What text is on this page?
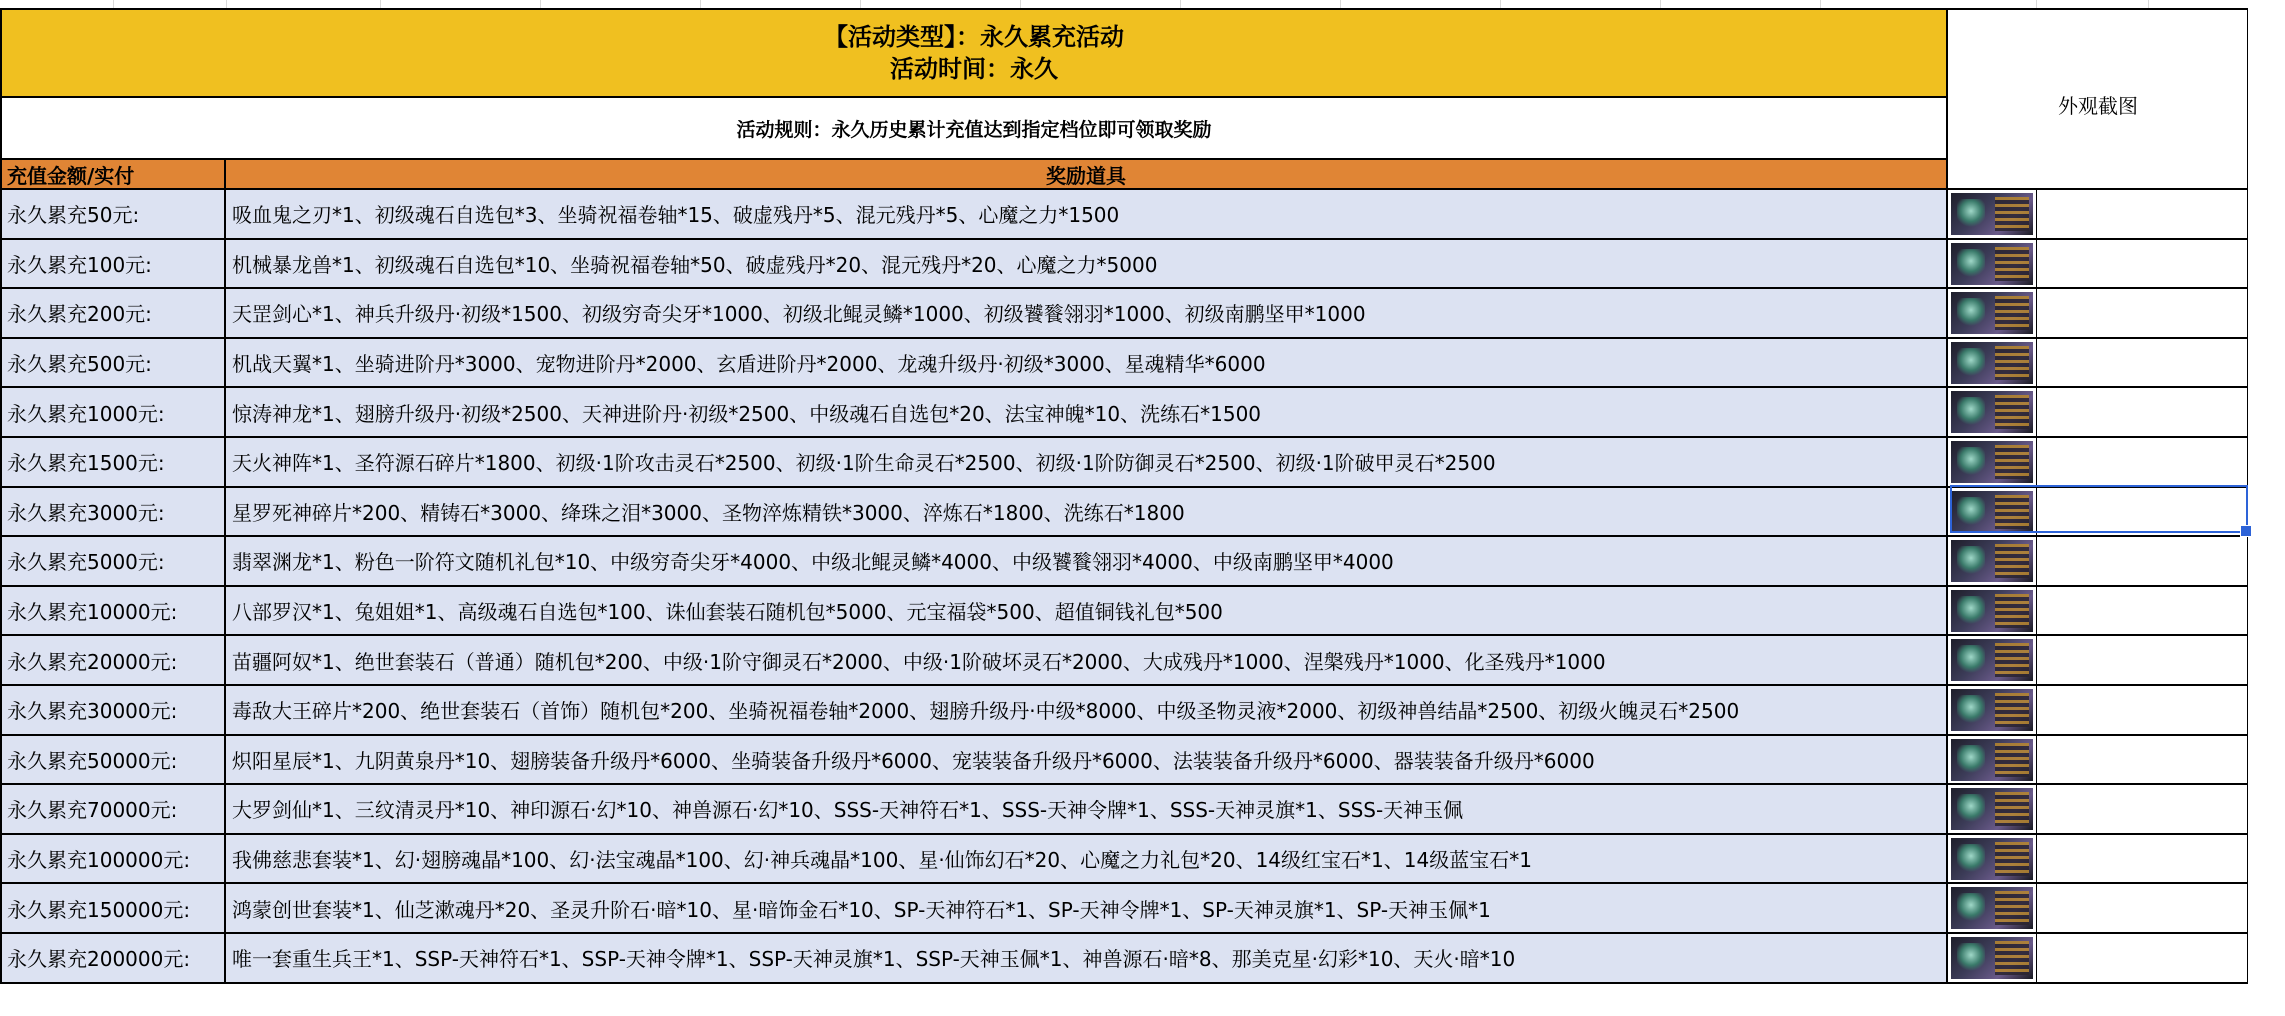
【活动类型】：永久累充活动
活动时间：永久
活动规则：永久历史累计充值达到指定档位即可领取奖励
外观截图
充值金额/实付	奖励道具
永久累充50元:	吸血鬼之刃*1、初级魂石自选包*3、坐骑祝福卷轴*15、破虚残丹*5、混元残丹*5、心魔之力*1500
永久累充100元:	机械暴龙兽*1、初级魂石自选包*10、坐骑祝福卷轴*50、破虚残丹*20、混元残丹*20、心魔之力*5000
永久累充200元:	天罡剑心*1、神兵升级丹·初级*1500、初级穷奇尖牙*1000、初级北鲲灵鳞*1000、初级饕餮翎羽*1000、初级南鹏坚甲*1000
永久累充500元:	机战天翼*1、坐骑进阶丹*3000、宠物进阶丹*2000、玄盾进阶丹*2000、龙魂升级丹·初级*3000、星魂精华*6000
永久累充1000元:	惊涛神龙*1、翅膀升级丹·初级*2500、天神进阶丹·初级*2500、中级魂石自选包*20、法宝神魄*10、洗练石*1500
永久累充1500元:	天火神阵*1、圣符源石碎片*1800、初级·1阶攻击灵石*2500、初级·1阶生命灵石*2500、初级·1阶防御灵石*2500、初级·1阶破甲灵石*2500
永久累充3000元:	星罗死神碎片*200、精铸石*3000、绛珠之泪*3000、圣物淬炼精铁*3000、淬炼石*1800、洗练石*1800
永久累充5000元:	翡翠渊龙*1、粉色一阶符文随机礼包*10、中级穷奇尖牙*4000、中级北鲲灵鳞*4000、中级饕餮翎羽*4000、中级南鹏坚甲*4000
永久累充10000元:	八部罗汉*1、兔姐姐*1、高级魂石自选包*100、诛仙套装石随机包*5000、元宝福袋*500、超值铜钱礼包*500
永久累充20000元:	苗疆阿奴*1、绝世套装石（普通）随机包*200、中级·1阶守御灵石*2000、中级·1阶破坏灵石*2000、大成残丹*1000、涅槃残丹*1000、化圣残丹*1000
永久累充30000元:	毒敌大王碎片*200、绝世套装石（首饰）随机包*200、坐骑祝福卷轴*2000、翅膀升级丹·中级*8000、中级圣物灵液*2000、初级神兽结晶*2500、初级火魄灵石*2500
永久累充50000元:	炽阳星辰*1、九阴黄泉丹*10、翅膀装备升级丹*6000、坐骑装备升级丹*6000、宠装装备升级丹*6000、法装装备升级丹*6000、器装装备升级丹*6000
永久累充70000元:	大罗剑仙*1、三纹清灵丹*10、神印源石·幻*10、神兽源石·幻*10、SSS-天神符石*1、SSS-天神令牌*1、SSS-天神灵旗*1、SSS-天神玉佩
永久累充100000元:	我佛慈悲套装*1、幻·翅膀魂晶*100、幻·法宝魂晶*100、幻·神兵魂晶*100、星·仙饰幻石*20、心魔之力礼包*20、14级红宝石*1、14级蓝宝石*1
永久累充150000元:	鸿蒙创世套装*1、仙芝漱魂丹*20、圣灵升阶石·暗*10、星·暗饰金石*10、SP-天神符石*1、SP-天神令牌*1、SP-天神灵旗*1、SP-天神玉佩*1
永久累充200000元:	唯一套重生兵王*1、SSP-天神符石*1、SSP-天神令牌*1、SSP-天神灵旗*1、SSP-天神玉佩*1、神兽源石·暗*8、那美克星·幻彩*10、天火·暗*10
